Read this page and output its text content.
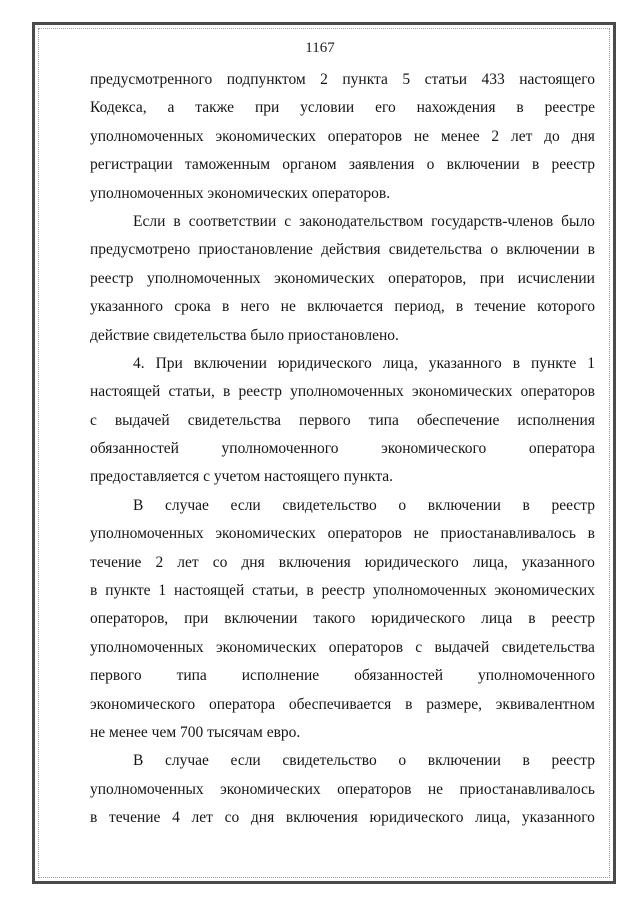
1167
предусмотренного подпунктом 2 пункта 5 статьи 433 настоящего
Кодекса, а также при условии его нахождения в реестре
уполномоченных экономических операторов не менее 2 лет до дня
регистрации таможенным органом заявления о включении в реестр
уполномоченных экономических операторов.
Если в соответствии с законодательством государств-членов было
предусмотрено приостановление действия свидетельства о включении в
реестр уполномоченных экономических операторов, при исчислении
указанного срока в него не включается период, в течение которого
действие свидетельства было приостановлено.
4. При включении юридического лица, указанного в пункте 1
настоящей статьи, в реестр уполномоченных экономических операторов
с выдачей свидетельства первого типа обеспечение исполнения
обязанностей	уполномоченного	экономического	оператора
предоставляется с учетом настоящего пункта.
В случае если свидетельство о включении в реестр
уполномоченных экономических операторов не приостанавливалось в
течение 2 лет со дня включения юридического лица, указанного
в пункте 1 настоящей статьи, в реестр уполномоченных экономических
операторов, при включении такого юридического лица в реестр
уполномоченных экономических операторов с выдачей свидетельства
первого типа исполнение обязанностей уполномоченного
экономического оператора обеспечивается в размере, эквивалентном
не менее чем 700 тысячам евро.
В случае если свидетельство о включении в реестр
уполномоченных экономических операторов не приостанавливалось
в течение 4 лет со дня включения юридического лица, указанного
